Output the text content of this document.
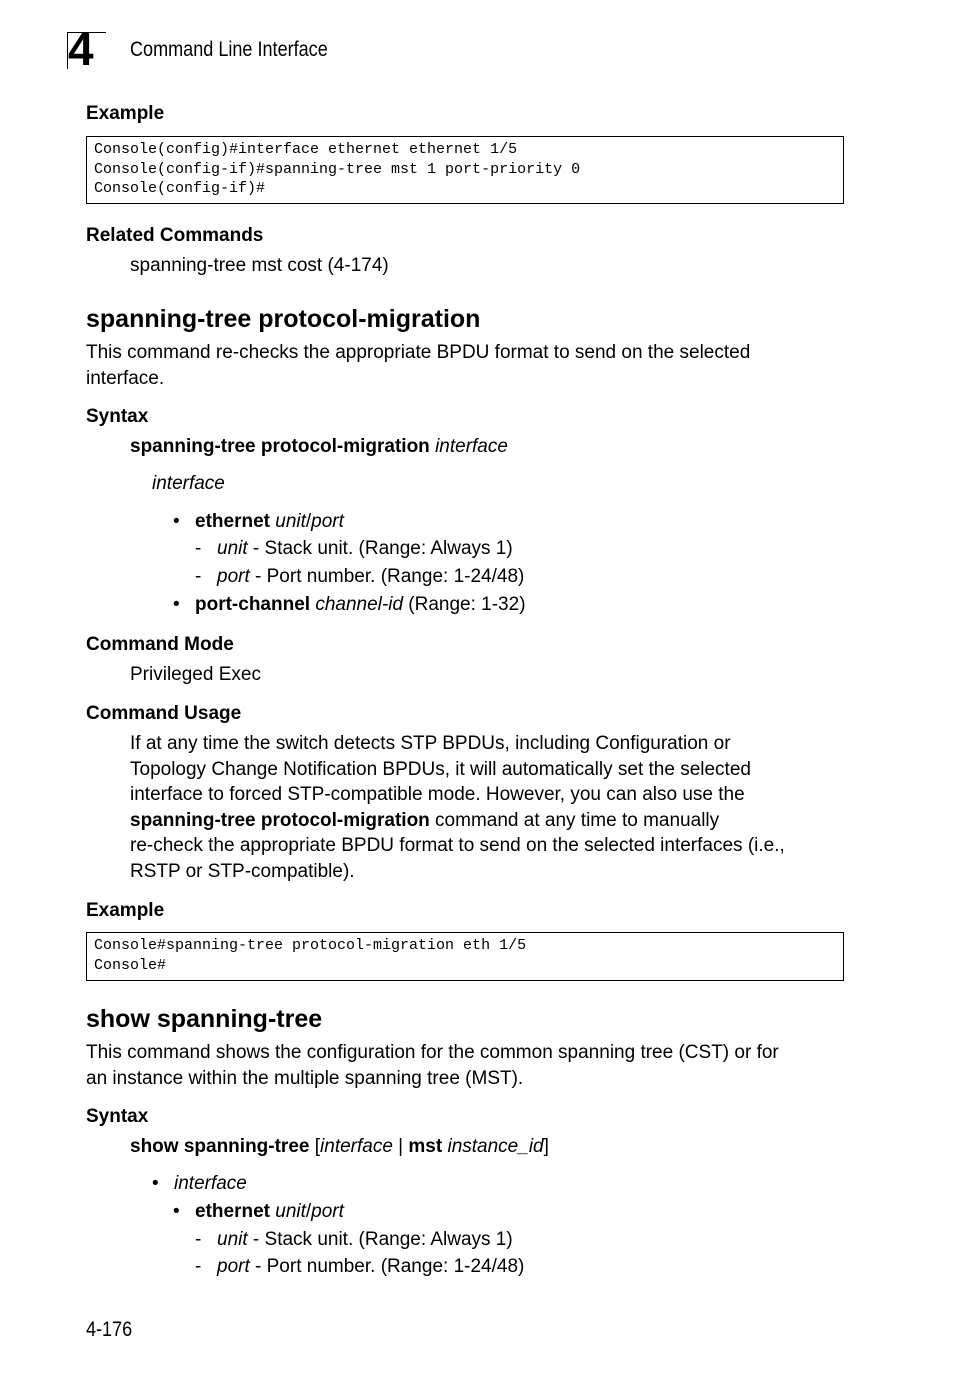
4 Command Line Interface
Example
Console(config)#interface ethernet ethernet 1/5
Console(config-if)#spanning-tree mst 1 port-priority 0
Console(config-if)#
Related Commands
spanning-tree mst cost (4-174)
spanning-tree protocol-migration
This command re-checks the appropriate BPDU format to send on the selected interface.
Syntax
spanning-tree protocol-migration interface
interface
• ethernet unit/port
- unit - Stack unit. (Range: Always 1)
- port - Port number. (Range: 1-24/48)
• port-channel channel-id (Range: 1-32)
Command Mode
Privileged Exec
Command Usage
If at any time the switch detects STP BPDUs, including Configuration or
Topology Change Notification BPDUs, it will automatically set the selected
interface to forced STP-compatible mode. However, you can also use the
spanning-tree protocol-migration command at any time to manually
re-check the appropriate BPDU format to send on the selected interfaces (i.e.,
RSTP or STP-compatible).
Example
Console#spanning-tree protocol-migration eth 1/5
Console#
show spanning-tree
This command shows the configuration for the common spanning tree (CST) or for
an instance within the multiple spanning tree (MST).
Syntax
show spanning-tree [interface | mst instance_id]
• interface
• ethernet unit/port
- unit - Stack unit. (Range: Always 1)
- port - Port number. (Range: 1-24/48)
4-176
